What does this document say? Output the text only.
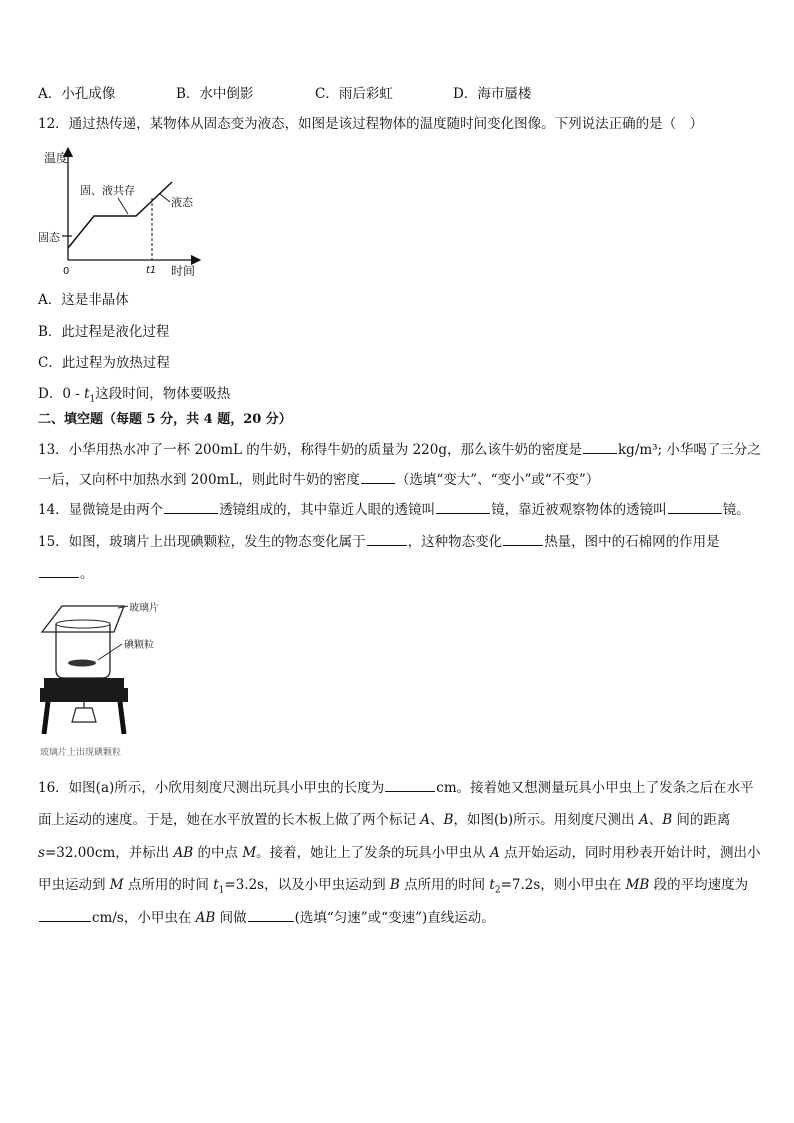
A．小孔成像	B．水中倒影	C．雨后彩虹	D．海市蜃楼
12．通过热传递，某物体从固态变为液态，如图是该过程物体的温度随时间变化图像。下列说法正确的是（　）
温度
0	时间
固态
t1
固、液共存
液态
A．这是非晶体
B．此过程是液化过程
C．此过程为放热过程
D．$0 - t_1$这段时间，物体要吸热
二、填空题（每题 5 分，共 4 题，20 分）
13．小华用热水冲了一杯 200mL 的牛奶，称得牛奶的质量为 220g，那么该牛奶的密度是	kg/m³; 小华喝了三分之
一后，又向杯中加热水到 200mL，则此时牛奶的密度	（选填“变大”、“变小”或“不变”）
14．显微镜是由两个	透镜组成的，其中靠近人眼的透镜叫	镜，靠近被观察物体的透镜叫	镜。
15．如图，玻璃片上出现碘颗粒，发生的物态变化属于	，这种物态变化	热量，图中的石棉网的作用是
。
玻璃片
碘颗粒
玻璃片上出现碘颗粒
16．如图(a)所示，小欣用刻度尺测出玩具小甲虫的长度为	cm。接着她又想测量玩具小甲虫上了发条之后在水平
面上运动的速度。于是，她在水平放置的长木板上做了两个标记 A、B，如图(b)所示。用刻度尺测出 A、B 间的距离
s=32.00cm，并标出 AB 的中点 M。接着，她让上了发条的玩具小甲虫从 A 点开始运动，同时用秒表开始计时，测出小
甲虫运动到 M 点所用的时间 $t_1=3.2s$，以及小甲虫运动到 B 点所用的时间 $t_2=7.2s$，则小甲虫在 MB 段的平均速度为
cm/s，小甲虫在 AB 间做	(选填“匀速”或“变速”)直线运动。
